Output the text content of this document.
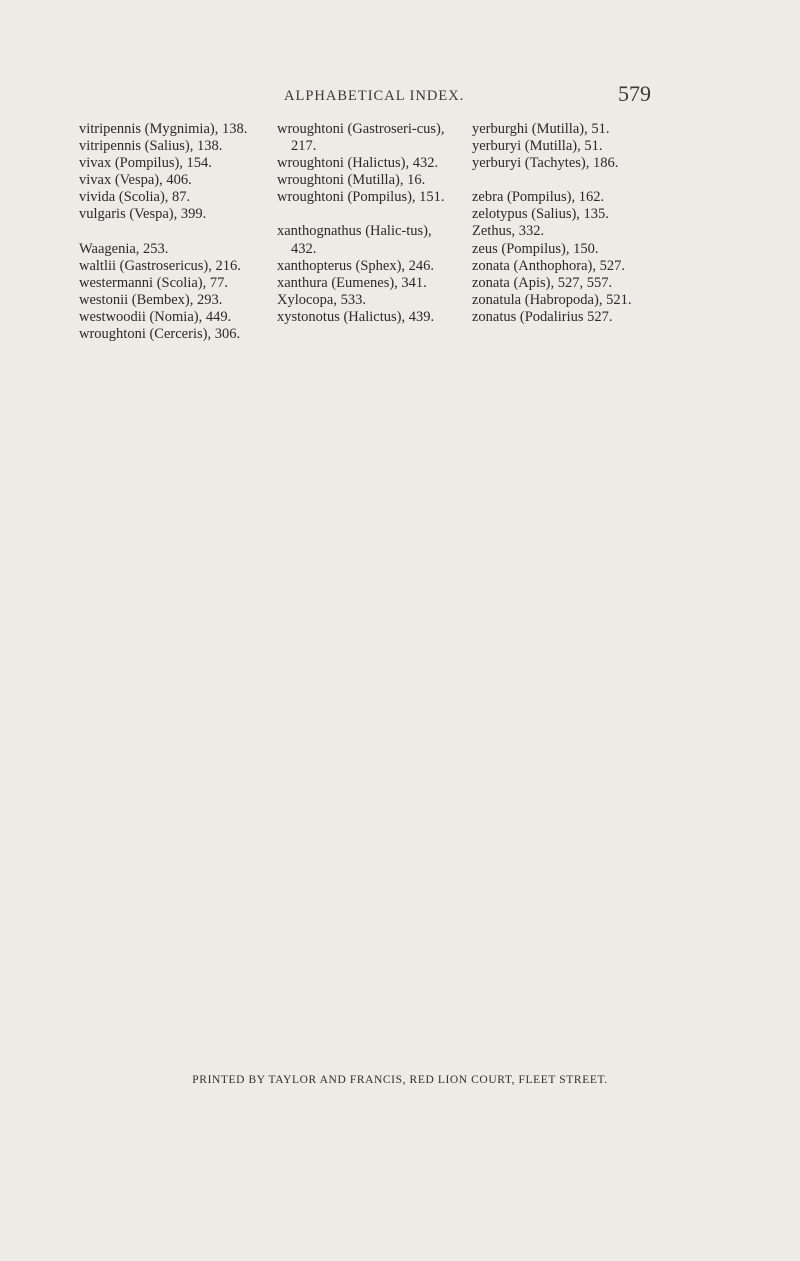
ALPHABETICAL INDEX.	579
vitripennis (Mygnimia), 138.
vitripennis (Salius), 138.
vivax (Pompilus), 154.
vivax (Vespa), 406.
vivida (Scolia), 87.
vulgaris (Vespa), 399.
Waagenia, 253.
waltlii (Gastrosericus), 216.
westermanni (Scolia), 77.
westonii (Bembex), 293.
westwoodii (Nomia), 449.
wroughtoni (Cerceris), 306.
wroughtoni (Gastroseri-cus), 217.
wroughtoni (Halictus), 432.
wroughtoni (Mutilla), 16.
wroughtoni (Pompilus), 151.
xanthognathus (Halic-tus), 432.
xanthopterus (Sphex), 246.
xanthura (Eumenes), 341.
Xylocopa, 533.
xystonotus (Halictus), 439.
yerburghi (Mutilla), 51.
yerburyi (Mutilla), 51.
yerburyi (Tachytes), 186.
zebra (Pompilus), 162.
zelotypus (Salius), 135.
Zethus, 332.
zeus (Pompilus), 150.
zonata (Anthophora), 527.
zonata (Apis), 527, 557.
zonatula (Habropoda), 521.
zonatus (Podalirius 527.
PRINTED BY TAYLOR AND FRANCIS, RED LION COURT, FLEET STREET.
